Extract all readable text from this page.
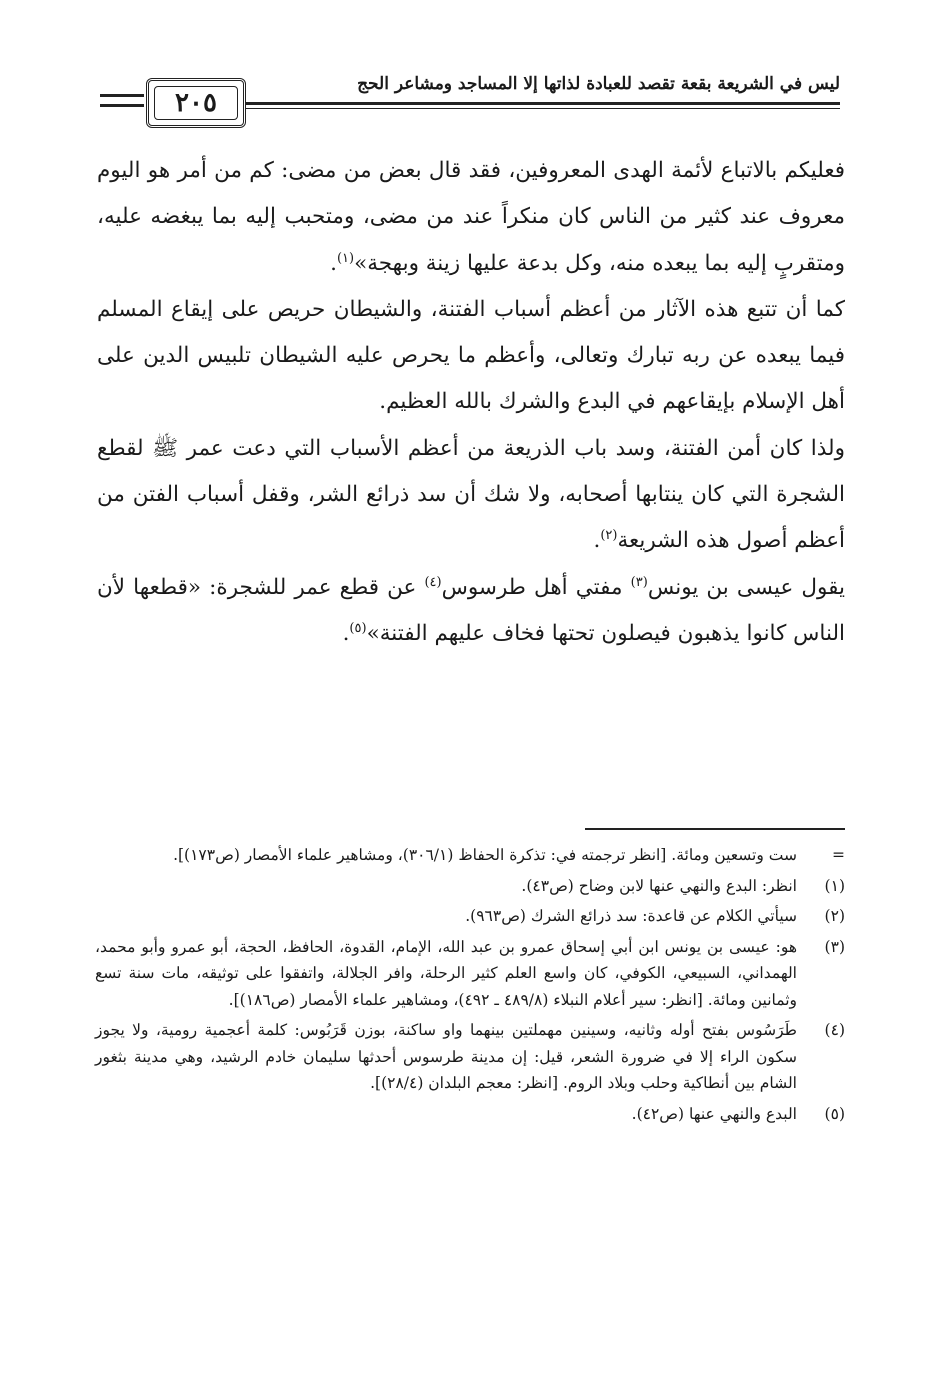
ليس في الشريعة بقعة تقصد للعبادة لذاتها إلا المساجد ومشاعر الحج
٢٠٥

فعليكم بالاتباع لأئمة الهدى المعروفين، فقد قال بعض من مضى: كم من أمر هو اليوم معروف عند كثير من الناس كان منكراً عند من مضى، ومتحبب إليه بما يبغضه عليه، ومتقربٍ إليه بما يبعده منه، وكل بدعة عليها زينة وبهجة»$^{(١)}$.

كما أن تتبع هذه الآثار من أعظم أسباب الفتنة، والشيطان حريص على إيقاع المسلم فيما يبعده عن ربه تبارك وتعالى، وأعظم ما يحرص عليه الشيطان تلبيس الدين على أهل الإسلام بإيقاعهم في البدع والشرك بالله العظيم.

ولذا كان أمن الفتنة، وسد باب الذريعة من أعظم الأسباب التي دعت عمر ﷺ لقطع الشجرة التي كان ينتابها أصحابه، ولا شك أن سد ذرائع الشر، وقفل أسباب الفتن من أعظم أصول هذه الشريعة$^{(٢)}$.

يقول عيسى بن يونس$^{(٣)}$ مفتي أهل طرسوس$^{(٤)}$ عن قطع عمر للشجرة: «قطعها لأن الناس كانوا يذهبون فيصلون تحتها فخاف عليهم الفتنة»$^{(٥)}$.

=
ست وتسعين ومائة. [انظر ترجمته في: تذكرة الحفاظ (٣٠٦/١)، ومشاهير علماء الأمصار (ص١٧٣)].
(١)
انظر: البدع والنهي عنها لابن وضاح (ص٤٣).
(٢)
سيأتي الكلام عن قاعدة: سد ذرائع الشرك (ص٩٦٣).
(٣)
هو: عيسى بن يونس ابن أبي إسحاق عمرو بن عبد الله، الإمام، القدوة، الحافظ، الحجة، أبو عمرو وأبو محمد، الهمداني، السبيعي، الكوفي، كان واسع العلم كثير الرحلة، وافر الجلالة، واتفقوا على توثيقه، مات سنة تسع وثمانين ومائة. [انظر: سير أعلام النبلاء (٤٨٩/٨ ـ ٤٩٢)، ومشاهير علماء الأمصار (ص١٨٦)].
(٤)
طَرَسُوس بفتح أوله وثانيه، وسينين مهملتين بينهما واو ساكنة، بوزن قَرَبُوس: كلمة أعجمية رومية، ولا يجوز سكون الراء إلا في ضرورة الشعر، قيل: إن مدينة طرسوس أحدثها سليمان خادم الرشيد، وهي مدينة بثغور الشام بين أنطاكية وحلب وبلاد الروم. [انظر: معجم البلدان (٢٨/٤)].
(٥)
البدع والنهي عنها (ص٤٢).
